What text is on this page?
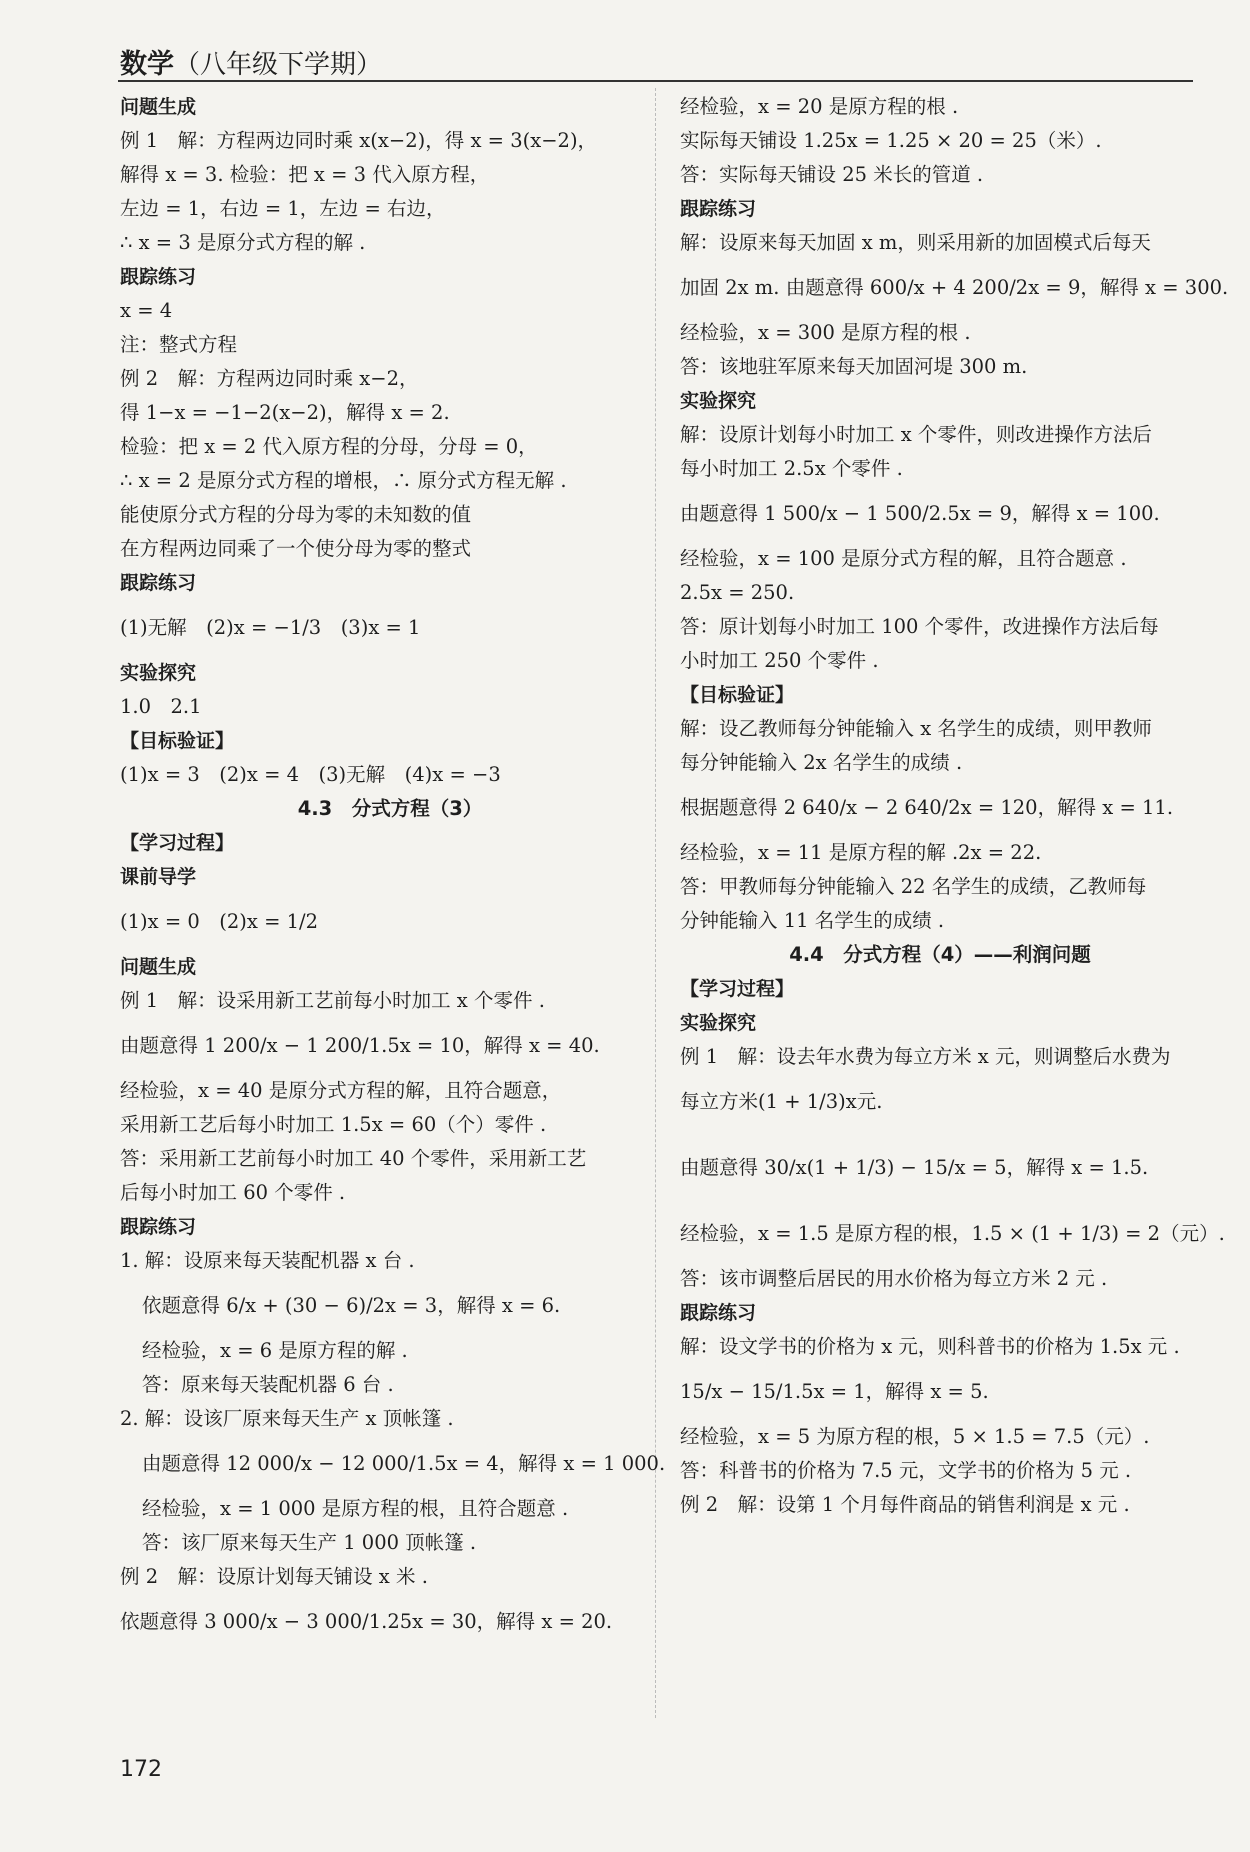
数学（八年级下学期）
问题生成
例 1　解：方程两边同时乘 x(x−2)，得 x = 3(x−2)，
解得 x = 3. 检验：把 x = 3 代入原方程，
左边 = 1，右边 = 1，左边 = 右边，
∴ x = 3 是原分式方程的解 .
跟踪练习
x = 4
注：整式方程
例 2　解：方程两边同时乘 x−2，
得 1−x = −1−2(x−2)，解得 x = 2.
检验：把 x = 2 代入原方程的分母，分母 = 0，
∴ x = 2 是原分式方程的增根，∴ 原分式方程无解 .
能使原分式方程的分母为零的未知数的值
在方程两边同乘了一个使分母为零的整式
跟踪练习
(1)无解　(2)x = −1/3　(3)x = 1
实验探究
1.0　2.1
【目标验证】
(1)x = 3　(2)x = 4　(3)无解　(4)x = −3
4.3　分式方程（3）
【学习过程】
课前导学
(1)x = 0　(2)x = 1/2
问题生成
例 1　解：设采用新工艺前每小时加工 x 个零件 .
由题意得 1 200/x − 1 200/1.5x = 10，解得 x = 40.
经检验，x = 40 是原分式方程的解，且符合题意，
采用新工艺后每小时加工 1.5x = 60（个）零件 .
答：采用新工艺前每小时加工 40 个零件，采用新工艺
后每小时加工 60 个零件 .
跟踪练习
1. 解：设原来每天装配机器 x 台 .
依题意得 6/x + (30 − 6)/2x = 3，解得 x = 6.
经检验，x = 6 是原方程的解 .
答：原来每天装配机器 6 台 .
2. 解：设该厂原来每天生产 x 顶帐篷 .
由题意得 12 000/x − 12 000/1.5x = 4，解得 x = 1 000.
经检验，x = 1 000 是原方程的根，且符合题意 .
答：该厂原来每天生产 1 000 顶帐篷 .
例 2　解：设原计划每天铺设 x 米 .
依题意得 3 000/x − 3 000/1.25x = 30，解得 x = 20.
经检验，x = 20 是原方程的根 .
实际每天铺设 1.25x = 1.25 × 20 = 25（米）.
答：实际每天铺设 25 米长的管道 .
跟踪练习
解：设原来每天加固 x m，则采用新的加固模式后每天
加固 2x m. 由题意得 600/x + 4 200/2x = 9，解得 x = 300.
经检验，x = 300 是原方程的根 .
答：该地驻军原来每天加固河堤 300 m.
实验探究
解：设原计划每小时加工 x 个零件，则改进操作方法后
每小时加工 2.5x 个零件 .
由题意得 1 500/x − 1 500/2.5x = 9，解得 x = 100.
经检验，x = 100 是原分式方程的解，且符合题意 .
2.5x = 250.
答：原计划每小时加工 100 个零件，改进操作方法后每
小时加工 250 个零件 .
【目标验证】
解：设乙教师每分钟能输入 x 名学生的成绩，则甲教师
每分钟能输入 2x 名学生的成绩 .
根据题意得 2 640/x − 2 640/2x = 120，解得 x = 11.
经检验，x = 11 是原方程的解 .2x = 22.
答：甲教师每分钟能输入 22 名学生的成绩，乙教师每
分钟能输入 11 名学生的成绩 .
4.4　分式方程（4）——利润问题
【学习过程】
实验探究
例 1　解：设去年水费为每立方米 x 元，则调整后水费为
每立方米(1 + 1/3)x元.
由题意得 30/x(1 + 1/3) − 15/x = 5，解得 x = 1.5.
经检验，x = 1.5 是原方程的根，1.5 × (1 + 1/3) = 2（元）.
答：该市调整后居民的用水价格为每立方米 2 元 .
跟踪练习
解：设文学书的价格为 x 元，则科普书的价格为 1.5x 元 .
15/x − 15/1.5x = 1，解得 x = 5.
经检验，x = 5 为原方程的根，5 × 1.5 = 7.5（元）.
答：科普书的价格为 7.5 元，文学书的价格为 5 元 .
例 2　解：设第 1 个月每件商品的销售利润是 x 元 .
172
